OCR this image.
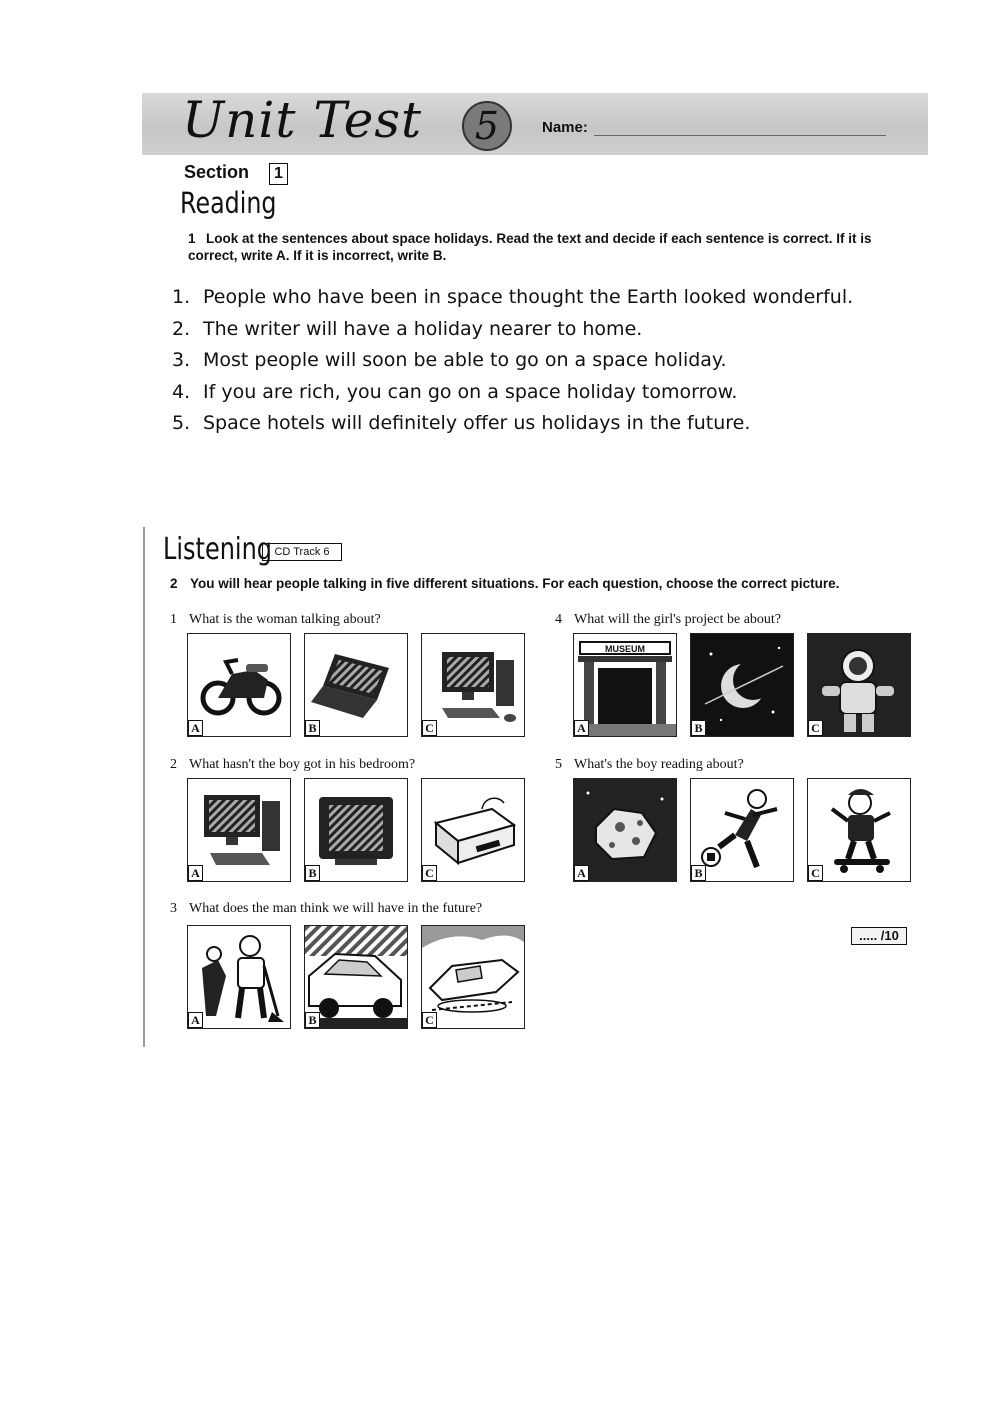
Unit Test	5	Name:
Section	1
Reading
1 Look at the sentences about space holidays. Read the text and decide if each sentence is correct. If it is correct, write A. If it is incorrect, write B.
1. People who have been in space thought the Earth looked wonderful.
2. The writer will have a holiday nearer to home.
3. Most people will soon be able to go on a space holiday.
4. If you are rich, you can go on a space holiday tomorrow.
5. Space hotels will definitely offer us holidays in the future.
Listening CD Track 6
2 You will hear people talking in five different situations. For each question, choose the correct picture.
1 What is the woman talking about?
A	B	C
4 What will the girl's project be about?
MUSEUM
A	B	C
2 What hasn't the boy got in his bedroom?
A	B	C
5 What's the boy reading about?
A	B	C
3 What does the man think we will have in the future?
A	B	C
..... /10
